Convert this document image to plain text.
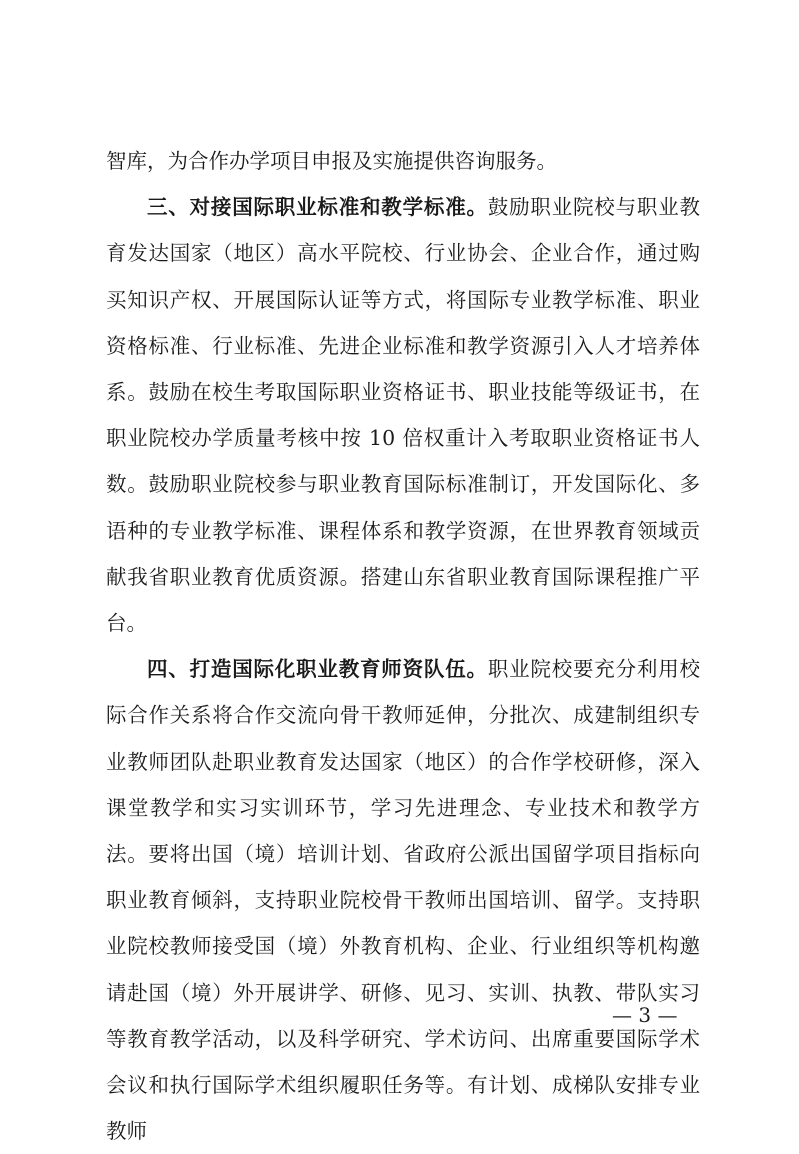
智库，为合作办学项目申报及实施提供咨询服务。

三、对接国际职业标准和教学标准。鼓励职业院校与职业教育发达国家（地区）高水平院校、行业协会、企业合作，通过购买知识产权、开展国际认证等方式，将国际专业教学标准、职业资格标准、行业标准、先进企业标准和教学资源引入人才培养体系。鼓励在校生考取国际职业资格证书、职业技能等级证书，在职业院校办学质量考核中按 10 倍权重计入考取职业资格证书人数。鼓励职业院校参与职业教育国际标准制订，开发国际化、多语种的专业教学标准、课程体系和教学资源，在世界教育领域贡献我省职业教育优质资源。搭建山东省职业教育国际课程推广平台。

四、打造国际化职业教育师资队伍。职业院校要充分利用校际合作关系将合作交流向骨干教师延伸，分批次、成建制组织专业教师团队赴职业教育发达国家（地区）的合作学校研修，深入课堂教学和实习实训环节，学习先进理念、专业技术和教学方法。要将出国（境）培训计划、省政府公派出国留学项目指标向职业教育倾斜，支持职业院校骨干教师出国培训、留学。支持职业院校教师接受国（境）外教育机构、企业、行业组织等机构邀请赴国（境）外开展讲学、研修、见习、实训、执教、带队实习等教育教学活动，以及科学研究、学术访问、出席重要国际学术会议和执行国际学术组织履职任务等。有计划、成梯队安排专业教师

— 3 —
